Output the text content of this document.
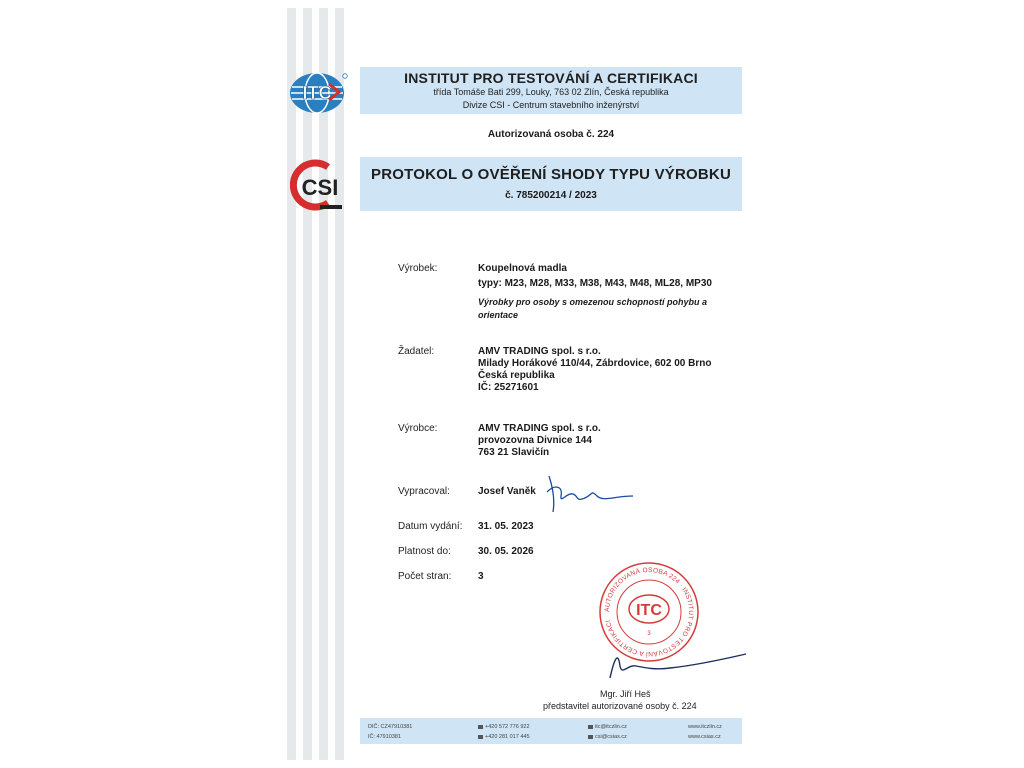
ITC
CSI
INSTITUT PRO TESTOVÁNÍ A CERTIFIKACI
třída Tomáše Bati 299, Louky, 763 02 Zlín, Česká republika
Divize CSI - Centrum stavebního inženýrství
Autorizovaná osoba č. 224
PROTOKOL O OVĚŘENÍ SHODY TYPU VÝROBKU
č. 785200214 / 2023
Výrobek:	Koupelnová madla
typy: M23, M28, M33, M38, M43, M48, ML28, MP30
Výrobky pro osoby s omezenou schopností pohybu a
orientace
Žadatel:	AMV TRADING spol. s r.o.
Milady Horákové 110/44, Zábrdovice, 602 00 Brno
Česká republika
IČ: 25271601
Výrobce:	AMV TRADING spol. s r.o.
provozovna Divnice 144
763 21 Slavičín
Vypracoval:	Josef Vaněk
Datum vydání: 31. 05. 2023
Platnost do:	30. 05. 2026
Počet stran:	3
AUTORIZOVANÁ OSOBA 224 · INSTITUT PRO TESTOVÁNÍ A CERTIFIKACI
ITC
3
Mgr. Jiří Heš
představitel autorizované osoby č. 224
DIČ: CZ47910381
IČ: 47910381
+420 572 776 922
+420 281 017 445
itc@itczlin.cz
csi@csias.cz
www.itczlin.cz
www.csias.cz
